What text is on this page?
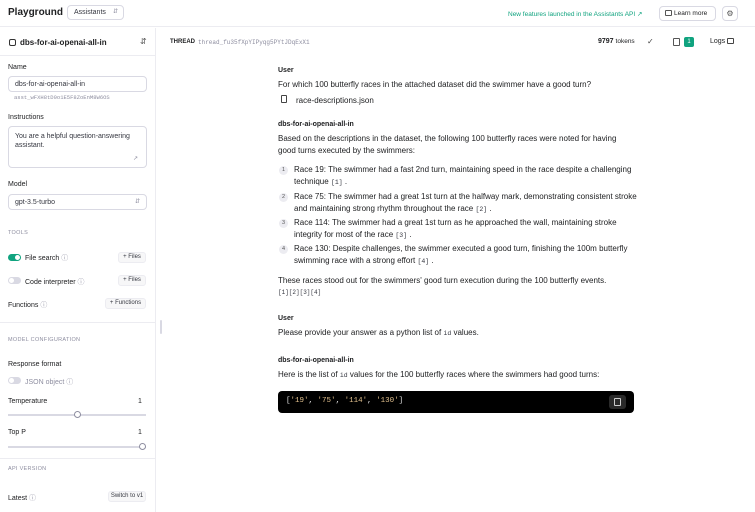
Playground	Assistants ⇵	New features launched in the Assistants API ↗	Learn more	⚙
dbs-for-ai-openai-all-in	⇵
Name
dbs-for-ai-openai-all-in
asst_wFXH8tD0o1E5F8ZoEnM8W6OS
Instructions
You are a helpful question-answering assistant.
↗
Model
gpt-3.5-turbo	⇵
TOOLS
File search ⓘ	+ Files
Code interpreter ⓘ	+ Files
Functions ⓘ	+ Functions
MODEL CONFIGURATION
Response format
JSON object ⓘ
Temperature	1
Top P	1
API VERSION
Latest ⓘ	Switch to v1
THREAD thread_fu35fXpYIPyqg5PYtJDqExX1	9797 tokens ✓	1	Logs
User
For which 100 butterfly races in the attached dataset did the swimmer have a good turn?
race-descriptions.json
dbs-for-ai-openai-all-in
Based on the descriptions in the dataset, the following 100 butterfly races were noted for having
good turns executed by the swimmers:
1	Race 19: The swimmer had a fast 2nd turn, maintaining speed in the race despite a challenging
technique [1] .
2	Race 75: The swimmer had a great 1st turn at the halfway mark, demonstrating consistent stroke
and maintaining strong rhythm throughout the race [2] .
3	Race 114: The swimmer had a great 1st turn as he approached the wall, maintaining stroke
integrity for most of the race [3] .
4	Race 130: Despite challenges, the swimmer executed a good turn, finishing the 100m butterfly
swimming race with a strong effort [4] .
These races stood out for the swimmers' good turn execution during the 100 butterfly events.
[1][2][3][4]
User
Please provide your answer as a python list of id values.
dbs-for-ai-openai-all-in
Here is the list of id values for the 100 butterfly races where the swimmers had good turns:
['19', '75', '114', '130']
